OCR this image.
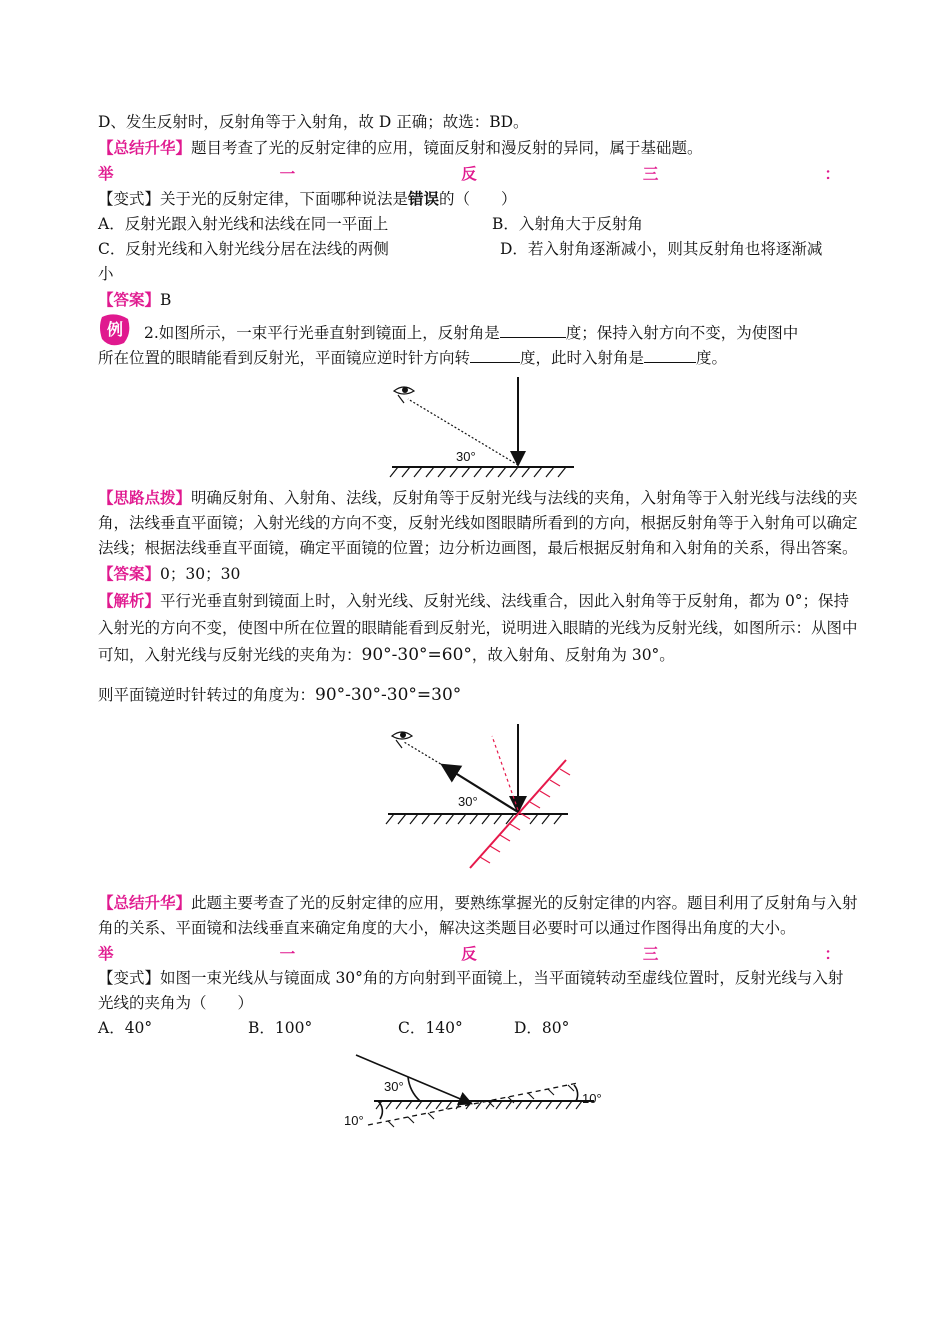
D、发生反射时，反射角等于入射角，故 D 正确；故选：BD。
【总结升华】题目考查了光的反射定律的应用，镜面反射和漫反射的异同，属于基础题。
举	一	反	三	：
【变式】关于光的反射定律，下面哪种说法是错误的（　　）
A．反射光跟入射光线和法线在同一平面上	B．入射角大于反射角
C．反射光线和入射光线分居在法线的两侧	D．若入射角逐渐减小，则其反射角也将逐渐减
小
【答案】B
例 2.如图所示，一束平行光垂直射到镜面上，反射角是	度；保持入射方向不变，为使图中
所在位置的眼睛能看到反射光，平面镜应逆时针方向转	度，此时入射角是	度。
30°
【思路点拨】明确反射角、入射角、法线，反射角等于反射光线与法线的夹角，入射角等于入射光线与法线的夹角，法线垂直平面镜；入射光线的方向不变，反射光线如图眼睛所看到的方向，根据反射角等于入射角可以确定法线；根据法线垂直平面镜，确定平面镜的位置；边分析边画图，最后根据反射角和入射角的关系，得出答案。
【答案】0；30；30
【解析】平行光垂直射到镜面上时，入射光线、反射光线、法线重合，因此入射角等于反射角，都为 0°；保持入射光的方向不变，使图中所在位置的眼睛能看到反射光，说明进入眼睛的光线为反射光线，如图所示：从图中可知，入射光线与反射光线的夹角为：90°-30°=60°，故入射角、反射角为 30°。
则平面镜逆时针转过的角度为：90°-30°-30°=30°
30°
【总结升华】此题主要考查了光的反射定律的应用，要熟练掌握光的反射定律的内容。题目利用了反射角与入射角的关系、平面镜和法线垂直来确定角度的大小，解决这类题目必要时可以通过作图得出角度的大小。
举	一	反	三	：
【变式】如图一束光线从与镜面成 30°角的方向射到平面镜上，当平面镜转动至虚线位置时，反射光线与入射光线的夹角为（　　）
A．40°	B．100°	C．140°	D．80°
30°
10°
10°
